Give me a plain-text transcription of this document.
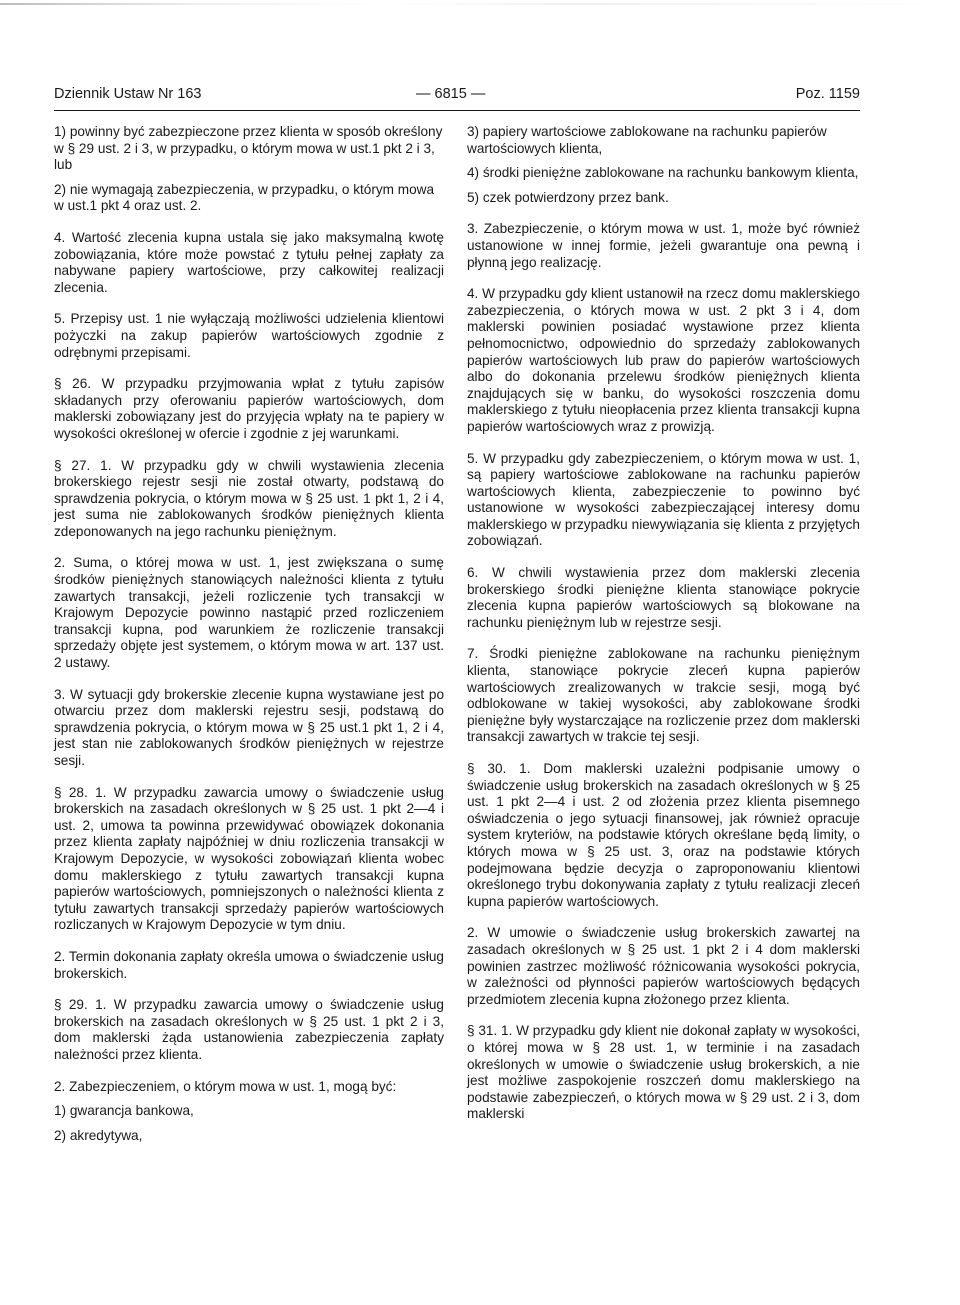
Dziennik Ustaw Nr 163	— 6815 —	Poz. 1159

1) powinny być zabezpieczone przez klienta w sposób określony w § 29 ust. 2 i 3, w przypadku, o którym mowa w ust.1 pkt 2 i 3, lub

2) nie wymagają zabezpieczenia, w przypadku, o którym mowa w ust.1 pkt 4 oraz ust. 2.

4. Wartość zlecenia kupna ustala się jako maksymalną kwotę zobowiązania, które może powstać z tytułu pełnej zapłaty za nabywane papiery wartościowe, przy całkowitej realizacji zlecenia.

5. Przepisy ust. 1 nie wyłączają możliwości udzielenia klientowi pożyczki na zakup papierów wartościowych zgodnie z odrębnymi przepisami.

§ 26. W przypadku przyjmowania wpłat z tytułu zapisów składanych przy oferowaniu papierów wartościowych, dom maklerski zobowiązany jest do przyjęcia wpłaty na te papiery w wysokości określonej w ofercie i zgodnie z jej warunkami.

§ 27. 1. W przypadku gdy w chwili wystawienia zlecenia brokerskiego rejestr sesji nie został otwarty, podstawą do sprawdzenia pokrycia, o którym mowa w § 25 ust. 1 pkt 1, 2 i 4, jest suma nie zablokowanych środków pieniężnych klienta zdeponowanych na jego rachunku pieniężnym.

2. Suma, o której mowa w ust. 1, jest zwiększana o sumę środków pieniężnych stanowiących należności klienta z tytułu zawartych transakcji, jeżeli rozliczenie tych transakcji w Krajowym Depozycie powinno nastąpić przed rozliczeniem transakcji kupna, pod warunkiem że rozliczenie transakcji sprzedaży objęte jest systemem, o którym mowa w art. 137 ust. 2 ustawy.

3. W sytuacji gdy brokerskie zlecenie kupna wystawiane jest po otwarciu przez dom maklerski rejestru sesji, podstawą do sprawdzenia pokrycia, o którym mowa w § 25 ust.1 pkt 1, 2 i 4, jest stan nie zablokowanych środków pieniężnych w rejestrze sesji.

§ 28. 1. W przypadku zawarcia umowy o świadczenie usług brokerskich na zasadach określonych w § 25 ust. 1 pkt 2—4 i ust. 2, umowa ta powinna przewidywać obowiązek dokonania przez klienta zapłaty najpóźniej w dniu rozliczenia transakcji w Krajowym Depozycie, w wysokości zobowiązań klienta wobec domu maklerskiego z tytułu zawartych transakcji kupna papierów wartościowych, pomniejszonych o należności klienta z tytułu zawartych transakcji sprzedaży papierów wartościowych rozliczanych w Krajowym Depozycie w tym dniu.

2. Termin dokonania zapłaty określa umowa o świadczenie usług brokerskich.

§ 29. 1. W przypadku zawarcia umowy o świadczenie usług brokerskich na zasadach określonych w § 25 ust. 1 pkt 2 i 3, dom maklerski żąda ustanowienia zabezpieczenia zapłaty należności przez klienta.

2. Zabezpieczeniem, o którym mowa w ust. 1, mogą być:

1) gwarancja bankowa,

2) akredytywa,

3) papiery wartościowe zablokowane na rachunku papierów wartościowych klienta,

4) środki pieniężne zablokowane na rachunku bankowym klienta,

5) czek potwierdzony przez bank.

3. Zabezpieczenie, o którym mowa w ust. 1, może być również ustanowione w innej formie, jeżeli gwarantuje ona pewną i płynną jego realizację.

4. W przypadku gdy klient ustanowił na rzecz domu maklerskiego zabezpieczenia, o których mowa w ust. 2 pkt 3 i 4, dom maklerski powinien posiadać wystawione przez klienta pełnomocnictwo, odpowiednio do sprzedaży zablokowanych papierów wartościowych lub praw do papierów wartościowych albo do dokonania przelewu środków pieniężnych klienta znajdujących się w banku, do wysokości roszczenia domu maklerskiego z tytułu nieopłacenia przez klienta transakcji kupna papierów wartościowych wraz z prowizją.

5. W przypadku gdy zabezpieczeniem, o którym mowa w ust. 1, są papiery wartościowe zablokowane na rachunku papierów wartościowych klienta, zabezpieczenie to powinno być ustanowione w wysokości zabezpieczającej interesy domu maklerskiego w przypadku niewywiązania się klienta z przyjętych zobowiązań.

6. W chwili wystawienia przez dom maklerski zlecenia brokerskiego środki pieniężne klienta stanowiące pokrycie zlecenia kupna papierów wartościowych są blokowane na rachunku pieniężnym lub w rejestrze sesji.

7. Środki pieniężne zablokowane na rachunku pieniężnym klienta, stanowiące pokrycie zleceń kupna papierów wartościowych zrealizowanych w trakcie sesji, mogą być odblokowane w takiej wysokości, aby zablokowane środki pieniężne były wystarczające na rozliczenie przez dom maklerski transakcji zawartych w trakcie tej sesji.

§ 30. 1. Dom maklerski uzależni podpisanie umowy o świadczenie usług brokerskich na zasadach określonych w § 25 ust. 1 pkt 2—4 i ust. 2 od złożenia przez klienta pisemnego oświadczenia o jego sytuacji finansowej, jak również opracuje system kryteriów, na podstawie których określane będą limity, o których mowa w § 25 ust. 3, oraz na podstawie których podejmowana będzie decyzja o zaproponowaniu klientowi określonego trybu dokonywania zapłaty z tytułu realizacji zleceń kupna papierów wartościowych.

2. W umowie o świadczenie usług brokerskich zawartej na zasadach określonych w § 25 ust. 1 pkt 2 i 4 dom maklerski powinien zastrzec możliwość różnicowania wysokości pokrycia, w zależności od płynności papierów wartościowych będących przedmiotem zlecenia kupna złożonego przez klienta.

§ 31. 1. W przypadku gdy klient nie dokonał zapłaty w wysokości, o której mowa w § 28 ust. 1, w terminie i na zasadach określonych w umowie o świadczenie usług brokerskich, a nie jest możliwe zaspokojenie roszczeń domu maklerskiego na podstawie zabezpieczeń, o których mowa w § 29 ust. 2 i 3, dom maklerski
